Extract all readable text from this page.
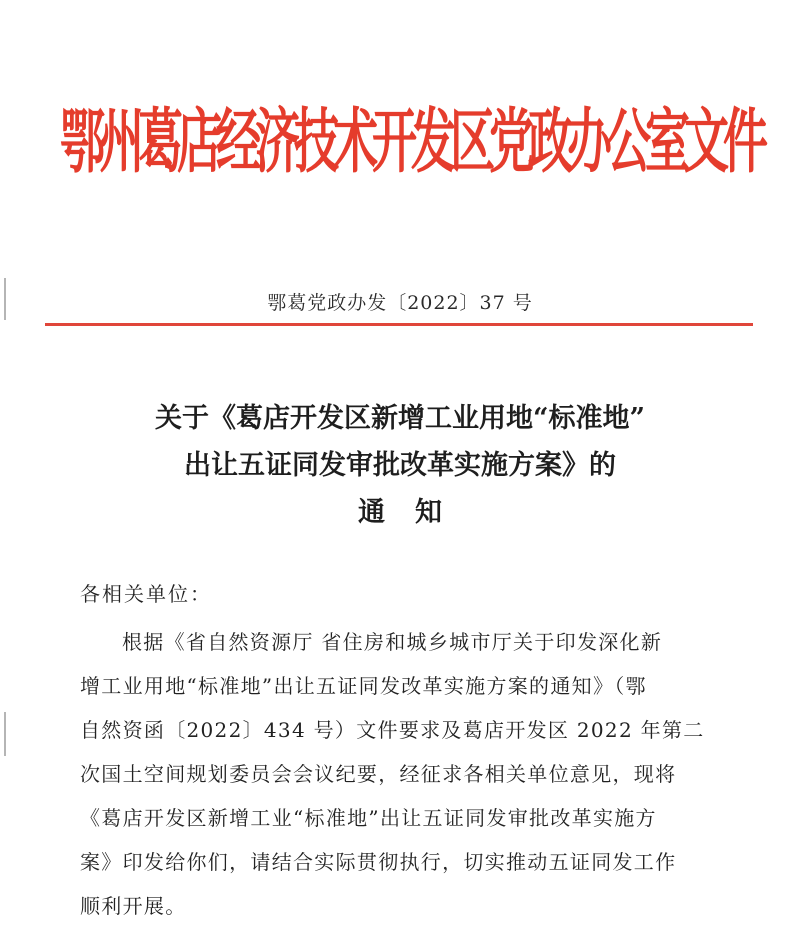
鄂州葛店经济技术开发区党政办公室文件
鄂葛党政办发〔2022〕37 号
关于《葛店开发区新增工业用地“标准地”
出让五证同发审批改革实施方案》的
通知
各相关单位：
根据《省自然资源厅 省住房和城乡城市厅关于印发深化新
增工业用地“标准地”出让五证同发改革实施方案的通知》（鄂
自然资函〔2022〕434 号）文件要求及葛店开发区 2022 年第二
次国土空间规划委员会会议纪要，经征求各相关单位意见，现将
《葛店开发区新增工业“标准地”出让五证同发审批改革实施方
案》印发给你们，请结合实际贯彻执行，切实推动五证同发工作
顺利开展。
